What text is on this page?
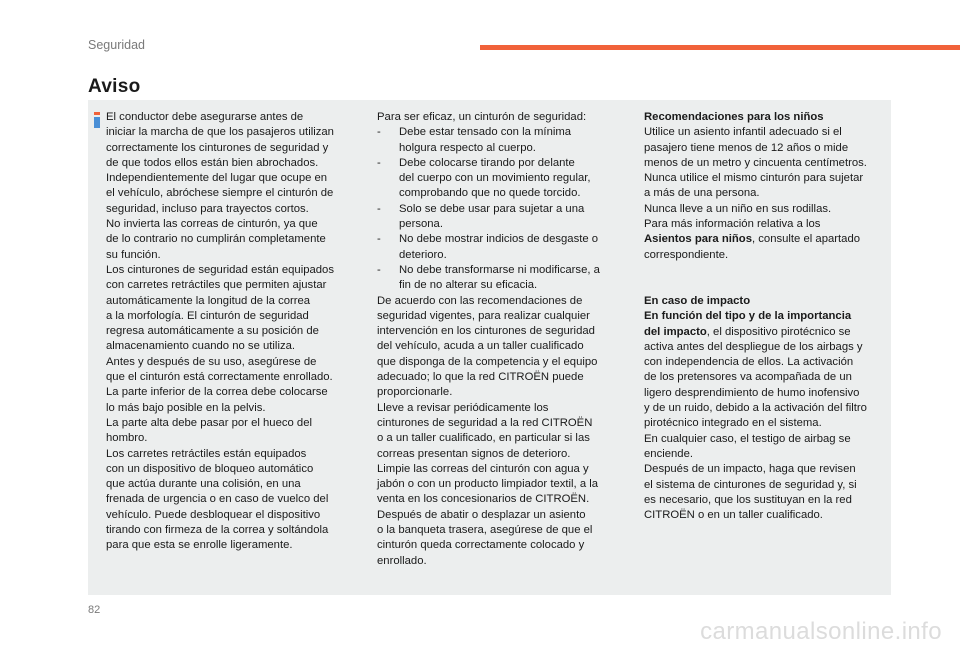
Seguridad
Aviso

El conductor debe asegurarse antes de

iniciar la marcha de que los pasajeros utilizan

correctamente los cinturones de seguridad y

de que todos ellos están bien abrochados.

Independientemente del lugar que ocupe en

el vehículo, abróchese siempre el cinturón de

seguridad, incluso para trayectos cortos.

No invierta las correas de cinturón, ya que

de lo contrario no cumplirán completamente

su función.

Los cinturones de seguridad están equipados

con carretes retráctiles que permiten ajustar

automáticamente la longitud de la correa

a la morfología. El cinturón de seguridad

regresa automáticamente a su posición de

almacenamiento cuando no se utiliza.

Antes y después de su uso, asegúrese de

que el cinturón está correctamente enrollado.

La parte inferior de la correa debe colocarse

lo más bajo posible en la pelvis.

La parte alta debe pasar por el hueco del

hombro.

Los carretes retráctiles están equipados

con un dispositivo de bloqueo automático

que actúa durante una colisión, en una

frenada de urgencia o en caso de vuelco del

vehículo. Puede desbloquear el dispositivo

tirando con firmeza de la correa y soltándola

para que esta se enrolle ligeramente.

Para ser eficaz, un cinturón de seguridad:

- Debe estar tensado con la mínima

holgura respecto al cuerpo.

- Debe colocarse tirando por delante

del cuerpo con un movimiento regular,

comprobando que no quede torcido.

- Solo se debe usar para sujetar a una

persona.

- No debe mostrar indicios de desgaste o

deterioro.

- No debe transformarse ni modificarse, a

fin de no alterar su eficacia.

De acuerdo con las recomendaciones de

seguridad vigentes, para realizar cualquier

intervención en los cinturones de seguridad

del vehículo, acuda a un taller cualificado

que disponga de la competencia y el equipo

adecuado; lo que la red CITROËN puede

proporcionarle.

Lleve a revisar periódicamente los

cinturones de seguridad a la red CITROËN

o a un taller cualificado, en particular si las

correas presentan signos de deterioro.

Limpie las correas del cinturón con agua y

jabón o con un producto limpiador textil, a la

venta en los concesionarios de CITROËN.

Después de abatir o desplazar un asiento

o la banqueta trasera, asegúrese de que el

cinturón queda correctamente colocado y

enrollado.

Recomendaciones para los niños

Utilice un asiento infantil adecuado si el

pasajero tiene menos de 12 años o mide

menos de un metro y cincuenta centímetros.

Nunca utilice el mismo cinturón para sujetar

a más de una persona.

Nunca lleve a un niño en sus rodillas.

Para más información relativa a los

Asientos para niños, consulte el apartado

correspondiente.

En caso de impacto

En función del tipo y de la importancia

del impacto, el dispositivo pirotécnico se

activa antes del despliegue de los airbags y

con independencia de ellos. La activación

de los pretensores va acompañada de un

ligero desprendimiento de humo inofensivo

y de un ruido, debido a la activación del filtro

pirotécnico integrado en el sistema.

En cualquier caso, el testigo de airbag se

enciende.

Después de un impacto, haga que revisen

el sistema de cinturones de seguridad y, si

es necesario, que los sustituyan en la red

CITROËN o en un taller cualificado.

82
carmanualsonline.info
